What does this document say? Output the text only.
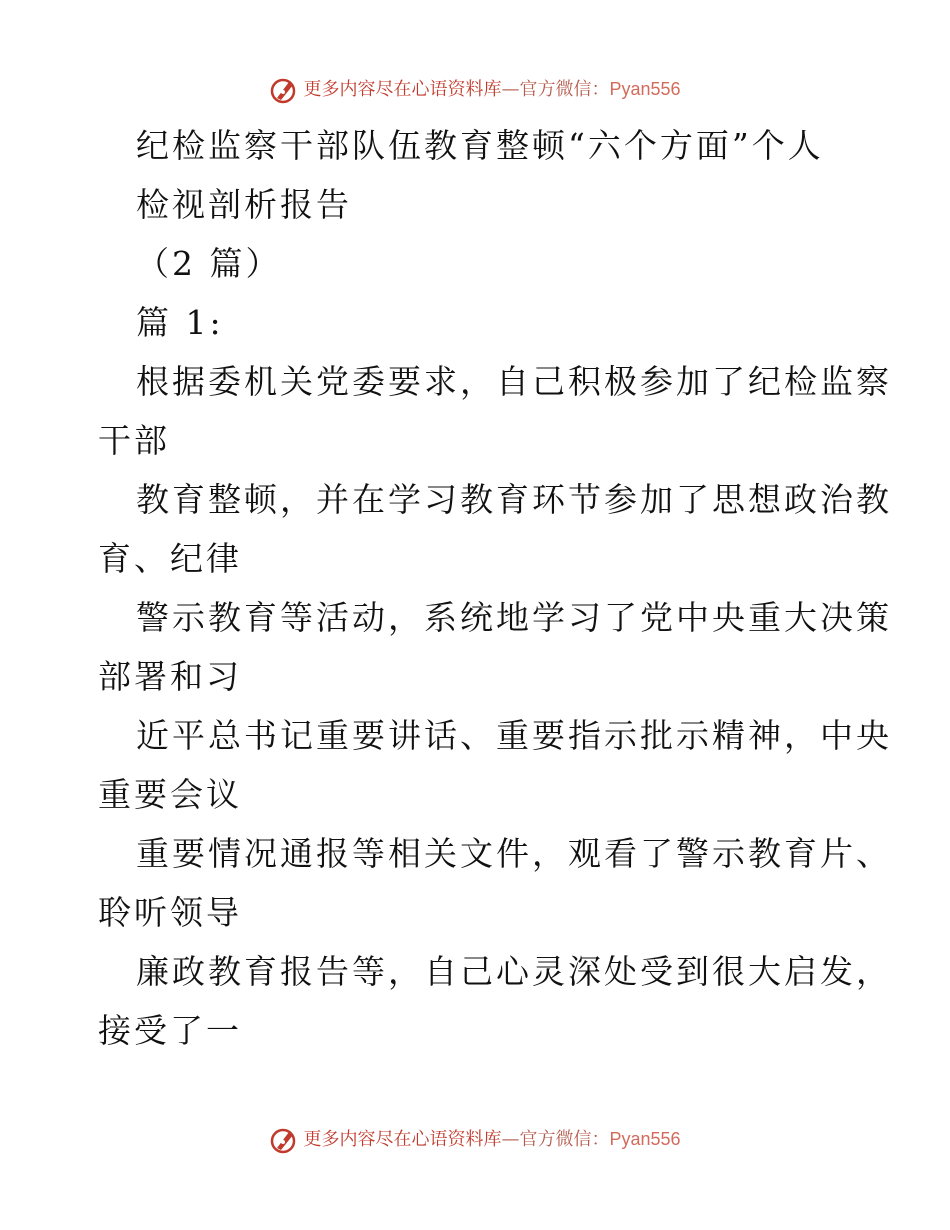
更多内容尽在心语资料库—官方微信：Pyan556

纪检监察干部队伍教育整顿“六个方面”个人

检视剖析报告

（2 篇）

篇 1:

根据委机关党委要求，自己积极参加了纪检监察

干部

教育整顿，并在学习教育环节参加了思想政治教

育、纪律

警示教育等活动，系统地学习了党中央重大决策

部署和习

近平总书记重要讲话、重要指示批示精神，中央

重要会议

重要情况通报等相关文件，观看了警示教育片、

聆听领导

廉政教育报告等，自己心灵深处受到很大启发，

接受了一

更多内容尽在心语资料库—官方微信：Pyan556
